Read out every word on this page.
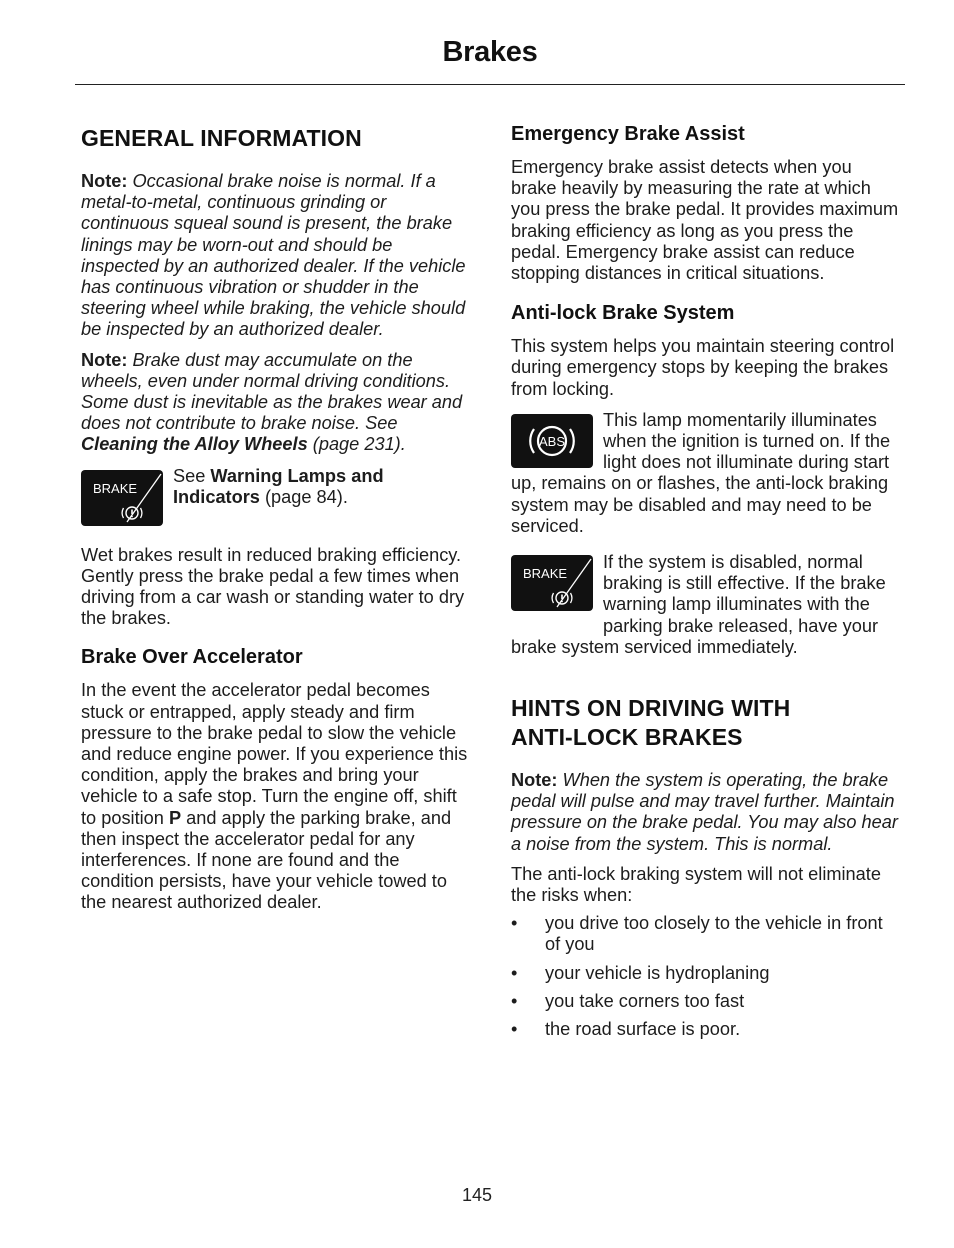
Brakes
GENERAL INFORMATION

Note: Occasional brake noise is normal. If a metal-to-metal, continuous grinding or continuous squeal sound is present, the brake linings may be worn-out and should be inspected by an authorized dealer. If the vehicle has continuous vibration or shudder in the steering wheel while braking, the vehicle should be inspected by an authorized dealer.

Note: Brake dust may accumulate on the wheels, even under normal driving conditions. Some dust is inevitable as the brakes wear and does not contribute to brake noise. See Cleaning the Alloy Wheels (page 231).

BRAKE

See Warning Lamps and Indicators (page 84).

Wet brakes result in reduced braking efficiency. Gently press the brake pedal a few times when driving from a car wash or standing water to dry the brakes.

Brake Over Accelerator

In the event the accelerator pedal becomes stuck or entrapped, apply steady and firm pressure to the brake pedal to slow the vehicle and reduce engine power. If you experience this condition, apply the brakes and bring your vehicle to a safe stop. Turn the engine off, shift to position P and apply the parking brake, and then inspect the accelerator pedal for any interferences. If none are found and the condition persists, have your vehicle towed to the nearest authorized dealer.

Emergency Brake Assist

Emergency brake assist detects when you brake heavily by measuring the rate at which you press the brake pedal. It provides maximum braking efficiency as long as you press the pedal. Emergency brake assist can reduce stopping distances in critical situations.

Anti-lock Brake System

This system helps you maintain steering control during emergency stops by keeping the brakes from locking.

ABS

This lamp momentarily illuminates when the ignition is turned on. If the light does not illuminate during start up, remains on or flashes, the anti-lock braking system may be disabled and may need to be serviced.

BRAKE

If the system is disabled, normal braking is still effective. If the brake warning lamp illuminates with the parking brake released, have your brake system serviced immediately.

HINTS ON DRIVING WITH
ANTI-LOCK BRAKES

Note: When the system is operating, the brake pedal will pulse and may travel further. Maintain pressure on the brake pedal. You may also hear a noise from the system. This is normal.

The anti-lock braking system will not eliminate the risks when:

• you drive too closely to the vehicle in front of you
• your vehicle is hydroplaning
• you take corners too fast
• the road surface is poor.
145
